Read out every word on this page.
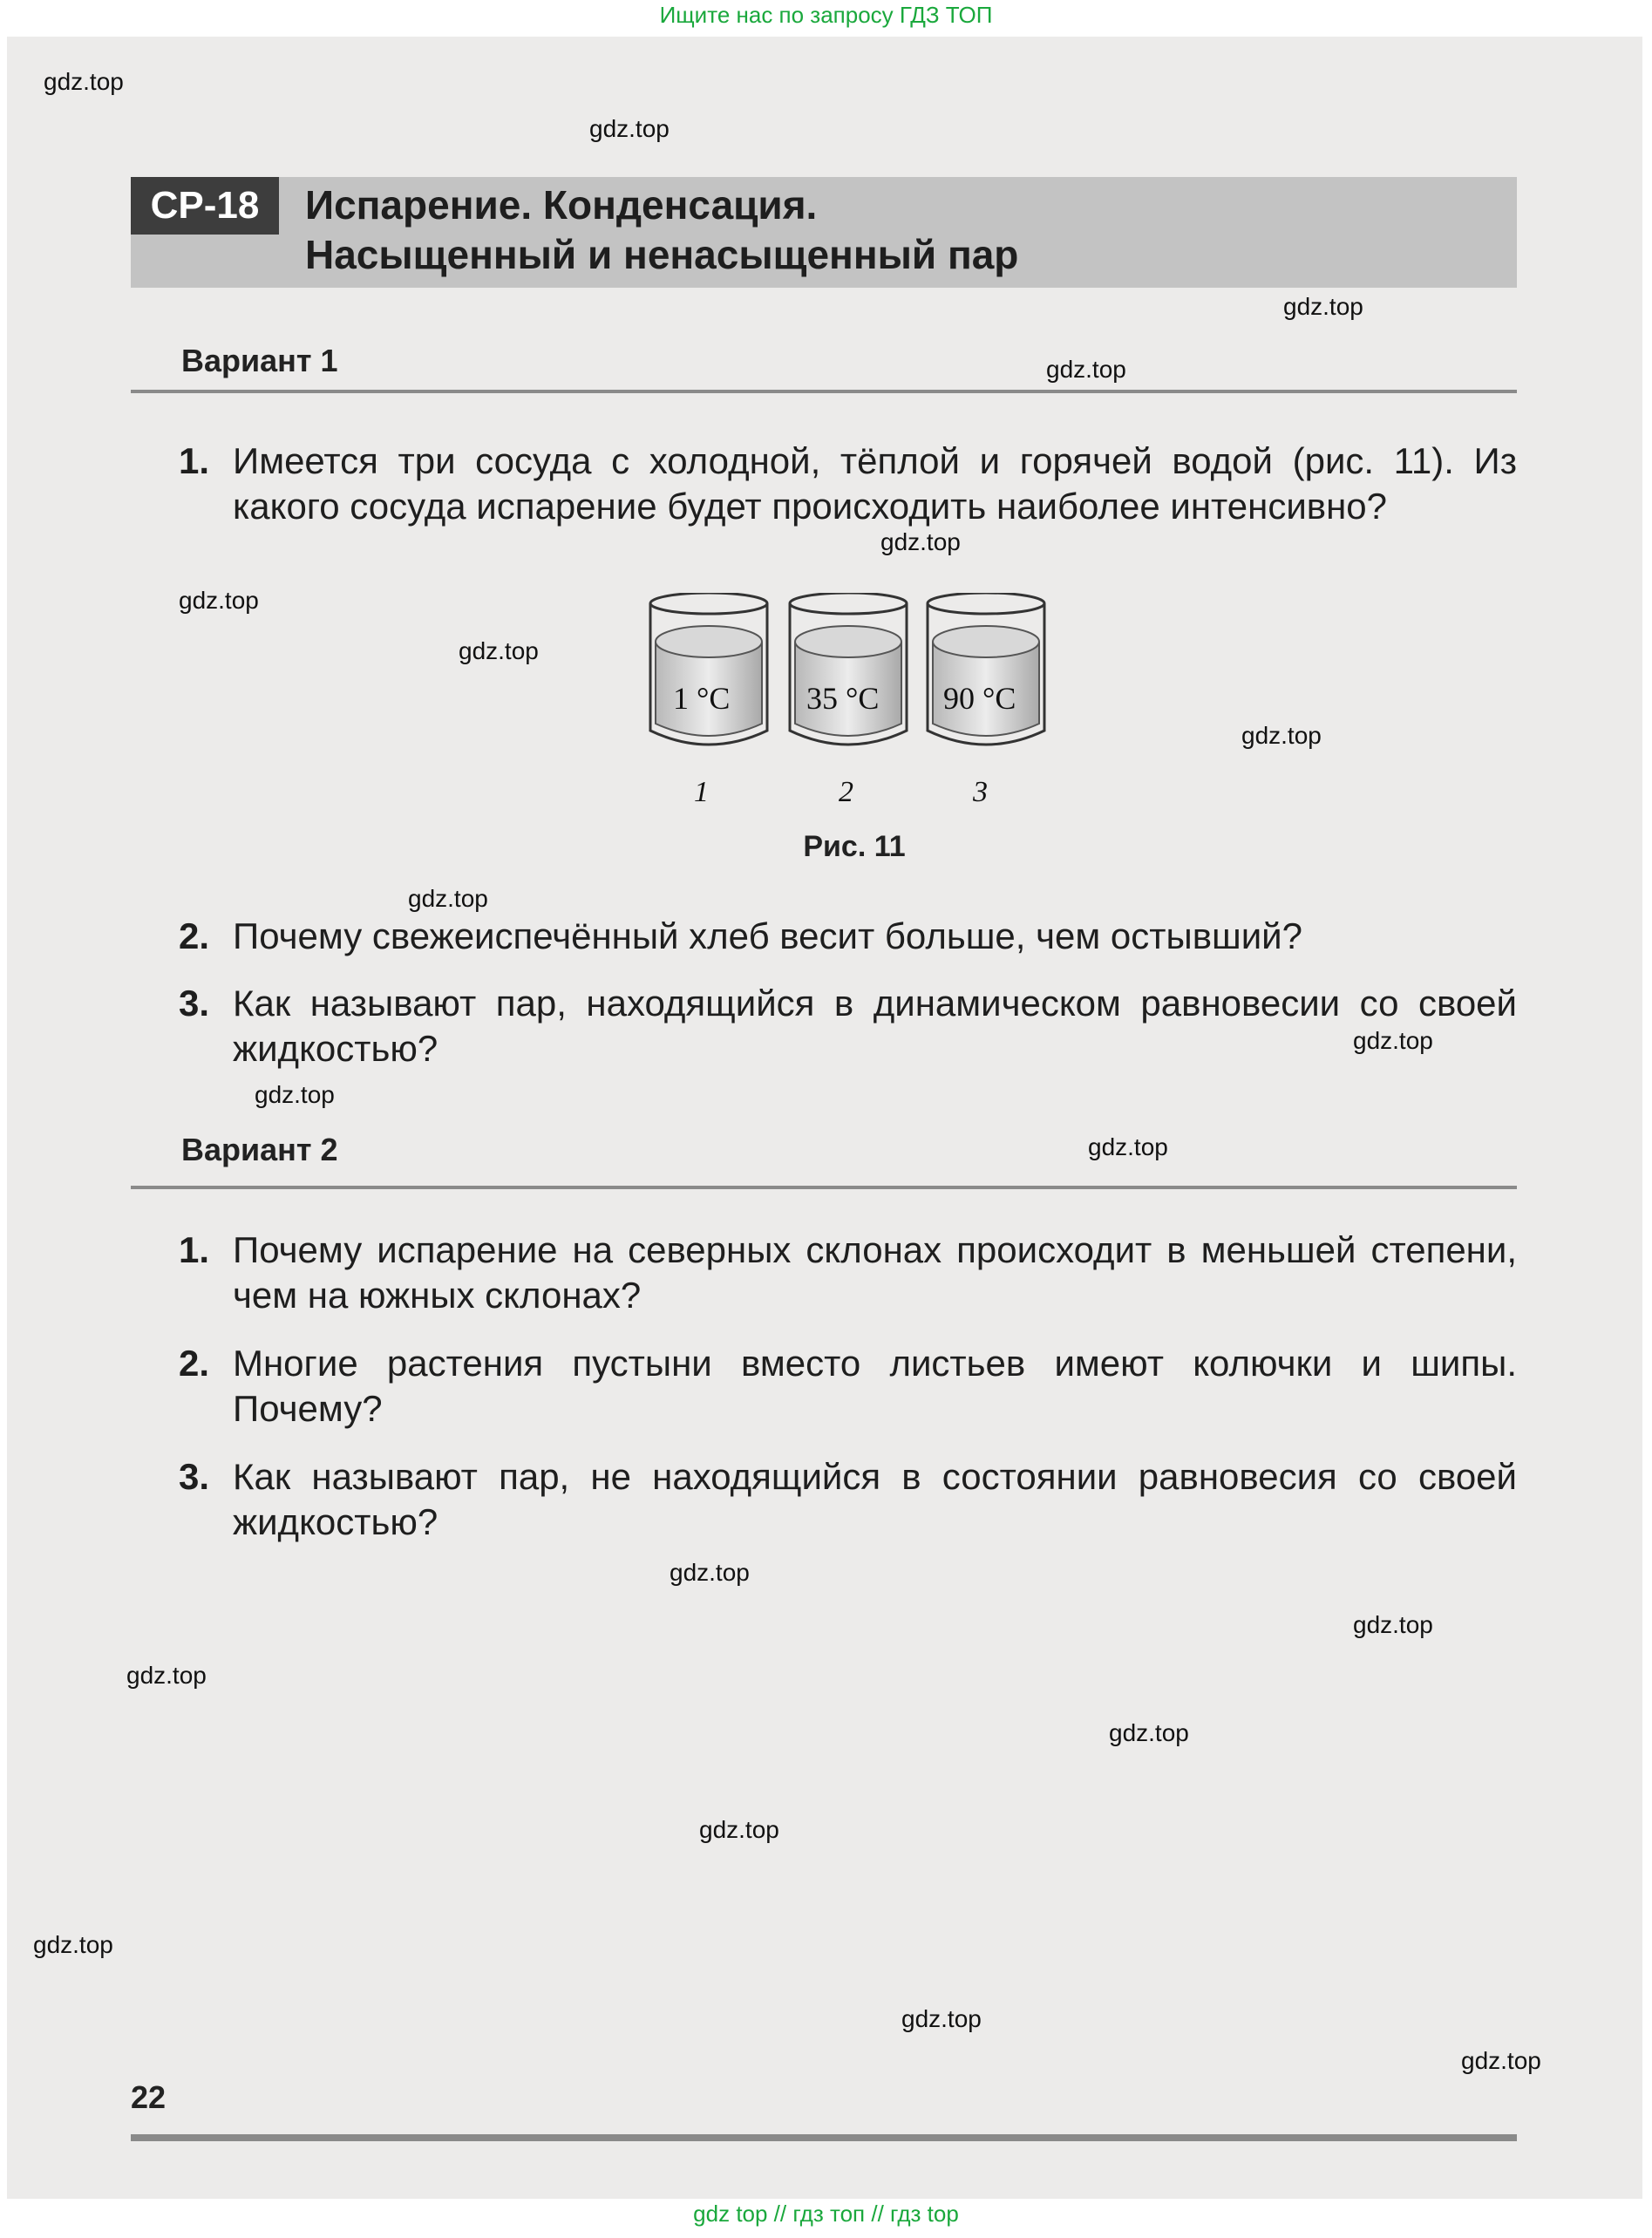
Ищите нас по запросу ГДЗ ТОП
СР-18	Испарение. Конденсация.
Насыщенный и ненасыщенный пар
Вариант 1
1. Имеется три сосуда с холодной, тёплой и горячей водой (рис. 11). Из какого сосуда испарение будет происходить наиболее интенсивно?
1 °C 35 °C 90 °C
1	2	3
Рис. 11
2. Почему свежеиспечённый хлеб весит больше, чем остывший?
3. Как называют пар, находящийся в динамическом равновесии со своей жидкостью?
Вариант 2
1. Почему испарение на северных склонах происходит в меньшей степени, чем на южных склонах?
2. Многие растения пустыни вместо листьев имеют колючки и шипы. Почему?
3. Как называют пар, не находящийся в состоянии равновесия со своей жидкостью?
gdz.top
gdz.top
gdz.top
gdz.top
gdz.top
gdz.top
gdz.top
gdz.top
gdz.top
gdz.top
gdz.top
gdz.top
gdz.top
gdz.top
gdz.top
gdz.top
gdz.top
gdz.top
gdz.top
gdz.top
22
gdz top // гдз топ // гдз top
